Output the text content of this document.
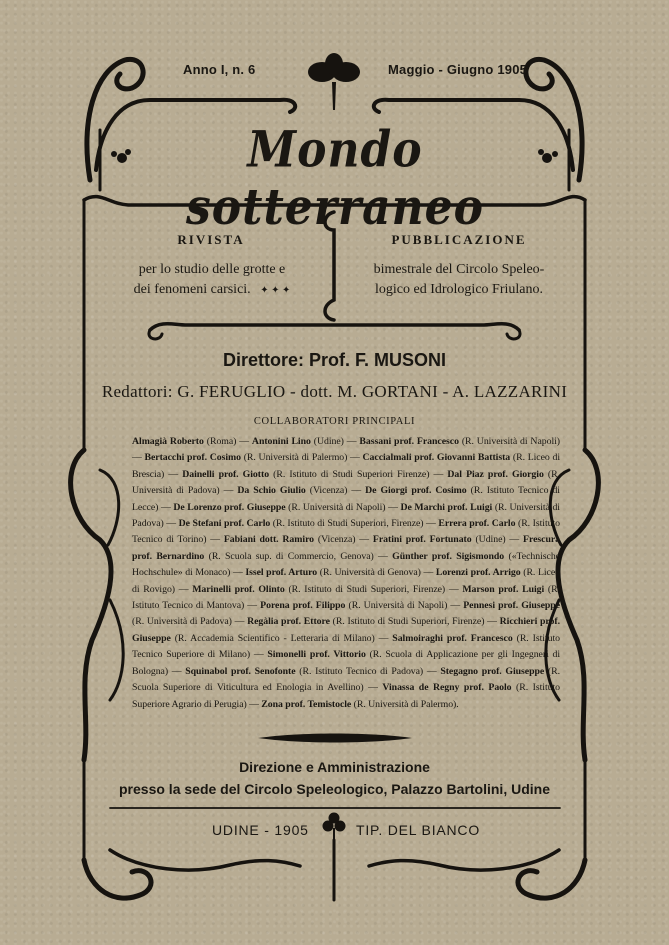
Anno I, n. 6	Maggio - Giugno 1905
Mondo sotterraneo
RIVISTA
per lo studio delle grotte e
dei fenomeni carsici. ✦ ✦ ✦
PUBBLICAZIONE
bimestrale del Circolo Speleo-
logico ed Idrologico Friulano.
Direttore: Prof. F. MUSONI
Redattori: G. FERUGLIO - dott. M. GORTANI - A. LAZZARINI
COLLABORATORI PRINCIPALI
Almagià Roberto (Roma) — Antonini Lino (Udine) — Bassani prof. Francesco (R. Università di Napoli) — Bertacchi prof. Cosimo (R. Università di Palermo) — Caccialmali prof. Giovanni Battista (R. Liceo di Brescia) — Dainelli prof. Giotto (R. Istituto di Studi Superiori Firenze) — Dal Piaz prof. Giorgio (R. Università di Padova) — Da Schio Giulio (Vicenza) — De Giorgi prof. Cosimo (R. Istituto Tecnico di Lecce) — De Lorenzo prof. Giuseppe (R. Università di Napoli) — De Marchi prof. Luigi (R. Università di Padova) — De Stefani prof. Carlo (R. Istituto di Studi Superiori, Firenze) — Errera prof. Carlo (R. Istituto Tecnico di Torino) — Fabiani dott. Ramiro (Vicenza) — Fratini prof. Fortunato (Udine) — Frescura prof. Bernardino (R. Scuola sup. di Commercio, Genova) — Günther prof. Sigismondo («Technische Hochschule» di Monaco) — Issel prof. Arturo (R. Università di Genova) — Lorenzi prof. Arrigo (R. Liceo di Rovigo) — Marinelli prof. Olinto (R. Istituto di Studi Superiori, Firenze) — Marson prof. Luigi (R. Istituto Tecnico di Mantova) — Porena prof. Filippo (R. Università di Napoli) — Pennesi prof. Giuseppe (R. Università di Padova) — Regàlia prof. Ettore (R. Istituto di Studi Superiori, Firenze) — Ricchieri prof. Giuseppe (R. Accademia Scientifico - Letteraria di Milano) — Salmoiraghi prof. Francesco (R. Istituto Tecnico Superiore di Milano) — Simonelli prof. Vittorio (R. Scuola di Applicazione per gli Ingegneri di Bologna) — Squinabol prof. Senofonte (R. Istituto Tecnico di Padova) — Stegagno prof. Giuseppe (R. Scuola Superiore di Viticultura ed Enologia in Avellino) — Vinassa de Regny prof. Paolo (R. Istituto Superiore Agrario di Perugia) — Zona prof. Temistocle (R. Università di Palermo).
Direzione e Amministrazione
presso la sede del Circolo Speleologico, Palazzo Bartolini, Udine
UDINE - 1905	TIP. DEL BIANCO
